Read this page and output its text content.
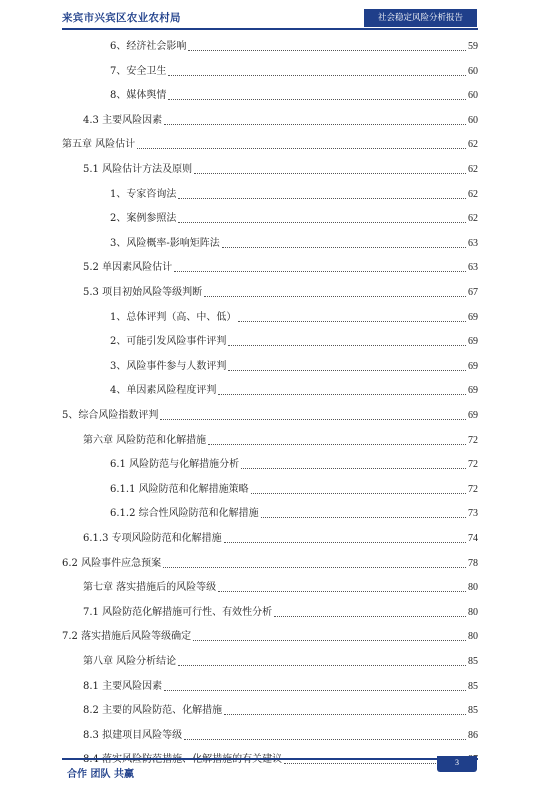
来宾市兴宾区农业农村局	社会稳定风险分析报告
6、经济社会影响	59
7、安全卫生	60
8、媒体舆情	60
4.3 主要风险因素	60
第五章 风险估计	62
5.1 风险估计方法及原则	62
1、专家咨询法	62
2、案例参照法	62
3、风险概率-影响矩阵法	63
5.2 单因素风险估计	63
5.3 项目初始风险等级判断	67
1、总体评判（高、中、低）	69
2、可能引发风险事件评判	69
3、风险事件参与人数评判	69
4、单因素风险程度评判	69
5、综合风险指数评判	69
第六章 风险防范和化解措施	72
6.1 风险防范与化解措施分析	72
6.1.1 风险防范和化解措施策略	72
6.1.2 综合性风险防范和化解措施	73
6.1.3 专项风险防范和化解措施	74
6.2 风险事件应急预案	78
第七章 落实措施后的风险等级	80
7.1 风险防范化解措施可行性、有效性分析	80
7.2 落实措施后风险等级确定	80
第八章 风险分析结论	85
8.1 主要风险因素	85
8.2 主要的风险防范、化解措施	85
8.3 拟建项目风险等级	86
3
合作 团队 共赢
